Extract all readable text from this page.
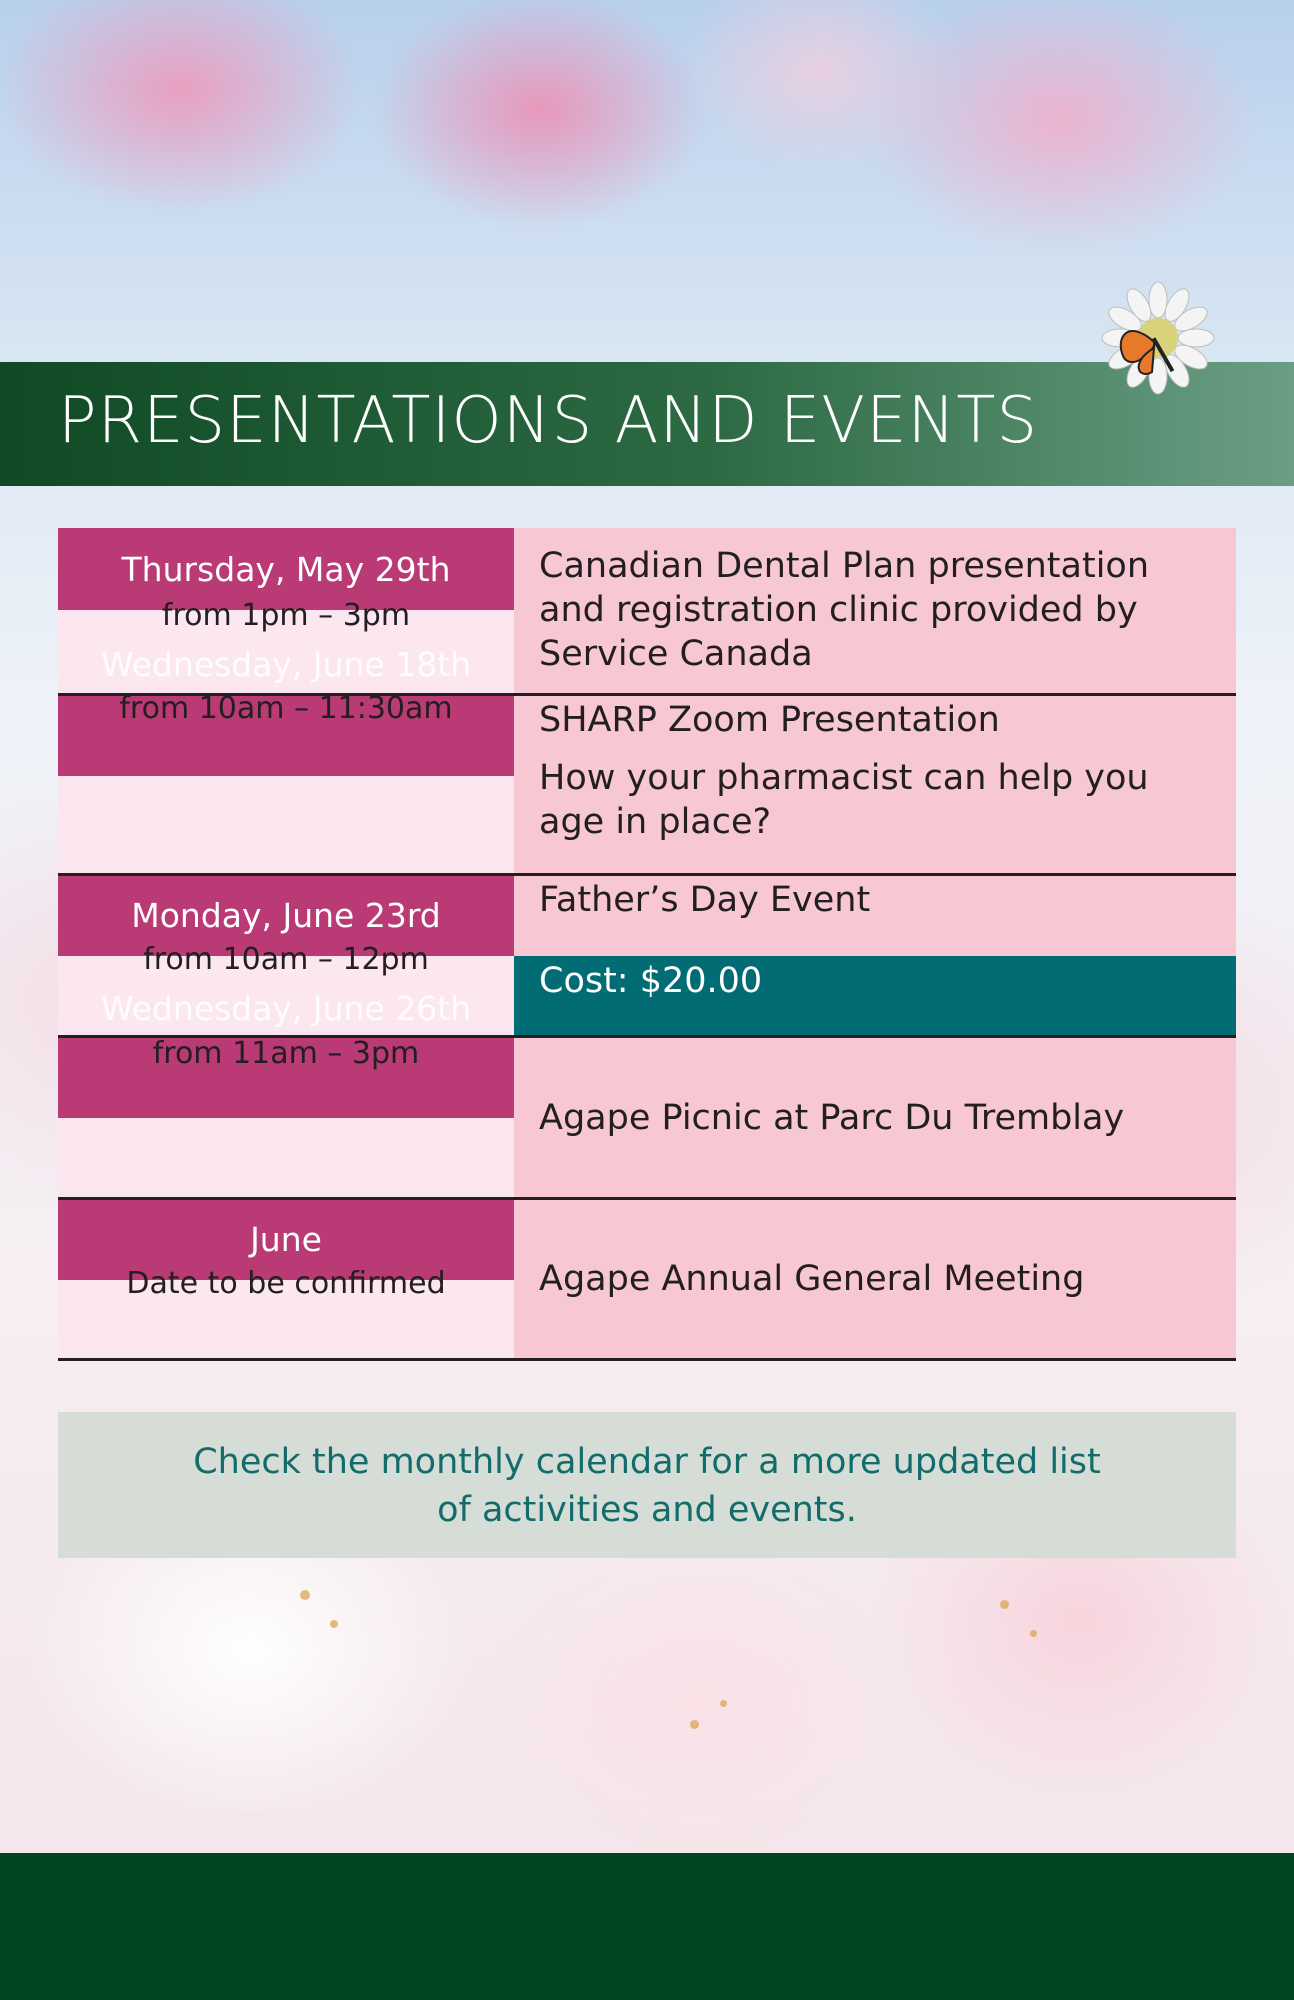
PRESENTATIONS AND EVENTS
Thursday, May 29th
from 1pm – 3pm
Wednesday, June 18th
from 10am – 11:30am
Monday, June 23rd
from 10am – 12pm
Wednesday, June 26th
from 11am – 3pm
June
Date to be confirmed
Canadian Dental Plan presentation
and registration clinic provided by
Service Canada
SHARP Zoom Presentation
How your pharmacist can help you
age in place?
Father’s Day Event
Cost: $20.00
Agape Picnic at Parc Du Tremblay
Agape Annual General Meeting
Check the monthly calendar for a more updated list
of activities and events.
